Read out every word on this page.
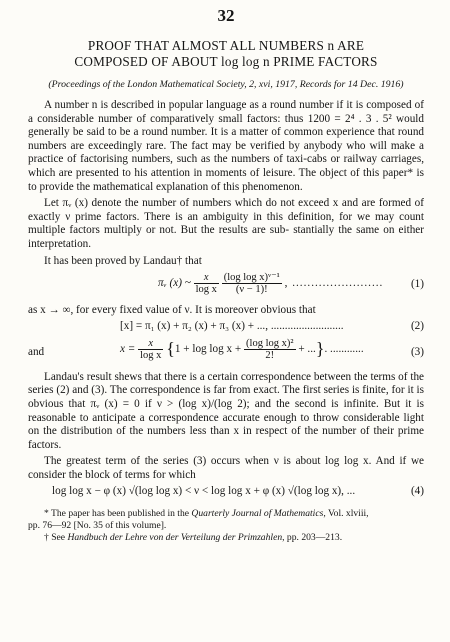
32
PROOF THAT ALMOST ALL NUMBERS n ARE
COMPOSED OF ABOUT log log n PRIME FACTORS
(Proceedings of the London Mathematical Society, 2, xvi, 1917, Records for 14 Dec. 1916)

A number n is described in popular language as a round number if it is composed of a considerable number of comparatively small factors: thus 1200 = 2⁴ . 3 . 5² would generally be said to be a round number. It is a matter of common experience that round numbers are exceedingly rare. The fact may be verified by anybody who will make a practice of factorising numbers, such as the numbers of taxi-cabs or railway carriages, which are presented to his attention in moments of leisure. The object of this paper* is to provide the mathematical explanation of this phenomenon.

Let πᵥ (x) denote the number of numbers which do not exceed x and are formed of exactly ν prime factors. There is an ambiguity in this definition, for we may count multiple factors multiply or not. But the results are sub- stantially the same on either interpretation.

It has been proved by Landau† that

πᵥ (x) ~ $\frac{x}{\text{log x}}$
$\frac{\text{(log log x)ᵛ⁻¹}}{(\nu - 1)!}$ , ........................ (1)
as x → ∞, for every fixed value of ν. It is moreover obvious that
[x] = π₁ (x) + π₂ (x) + π₃ (x) + ..., ..........................	(2)
and	$x = \frac{x}{\text{log x}} \{1 + \log \log x + \frac{\text{(log log x)²}}{2!}$ + ...}. ............	(3)

Landau's result shews that there is a certain correspondence between the terms of the series (2) and (3). The correspondence is far from exact. The first series is finite, for it is obvious that πᵥ (x) = 0 if ν > (log x)/(log 2); and the second is infinite. But it is reasonable to anticipate a correspondence accurate enough to throw considerable light on the distribution of the numbers less than x in respect of the number of their prime factors.

The greatest term of the series (3) occurs when ν is about log log x. And if we consider the block of terms for which

log log x − φ (x) √(log log x) < ν < log log x + φ (x) √(log log x), ...	(4)

* The paper has been published in the Quarterly Journal of Mathematics, Vol. xlviii,

pp. 76—92 [No. 35 of this volume].

† See Handbuch der Lehre von der Verteilung der Primzahlen, pp. 203—213.
